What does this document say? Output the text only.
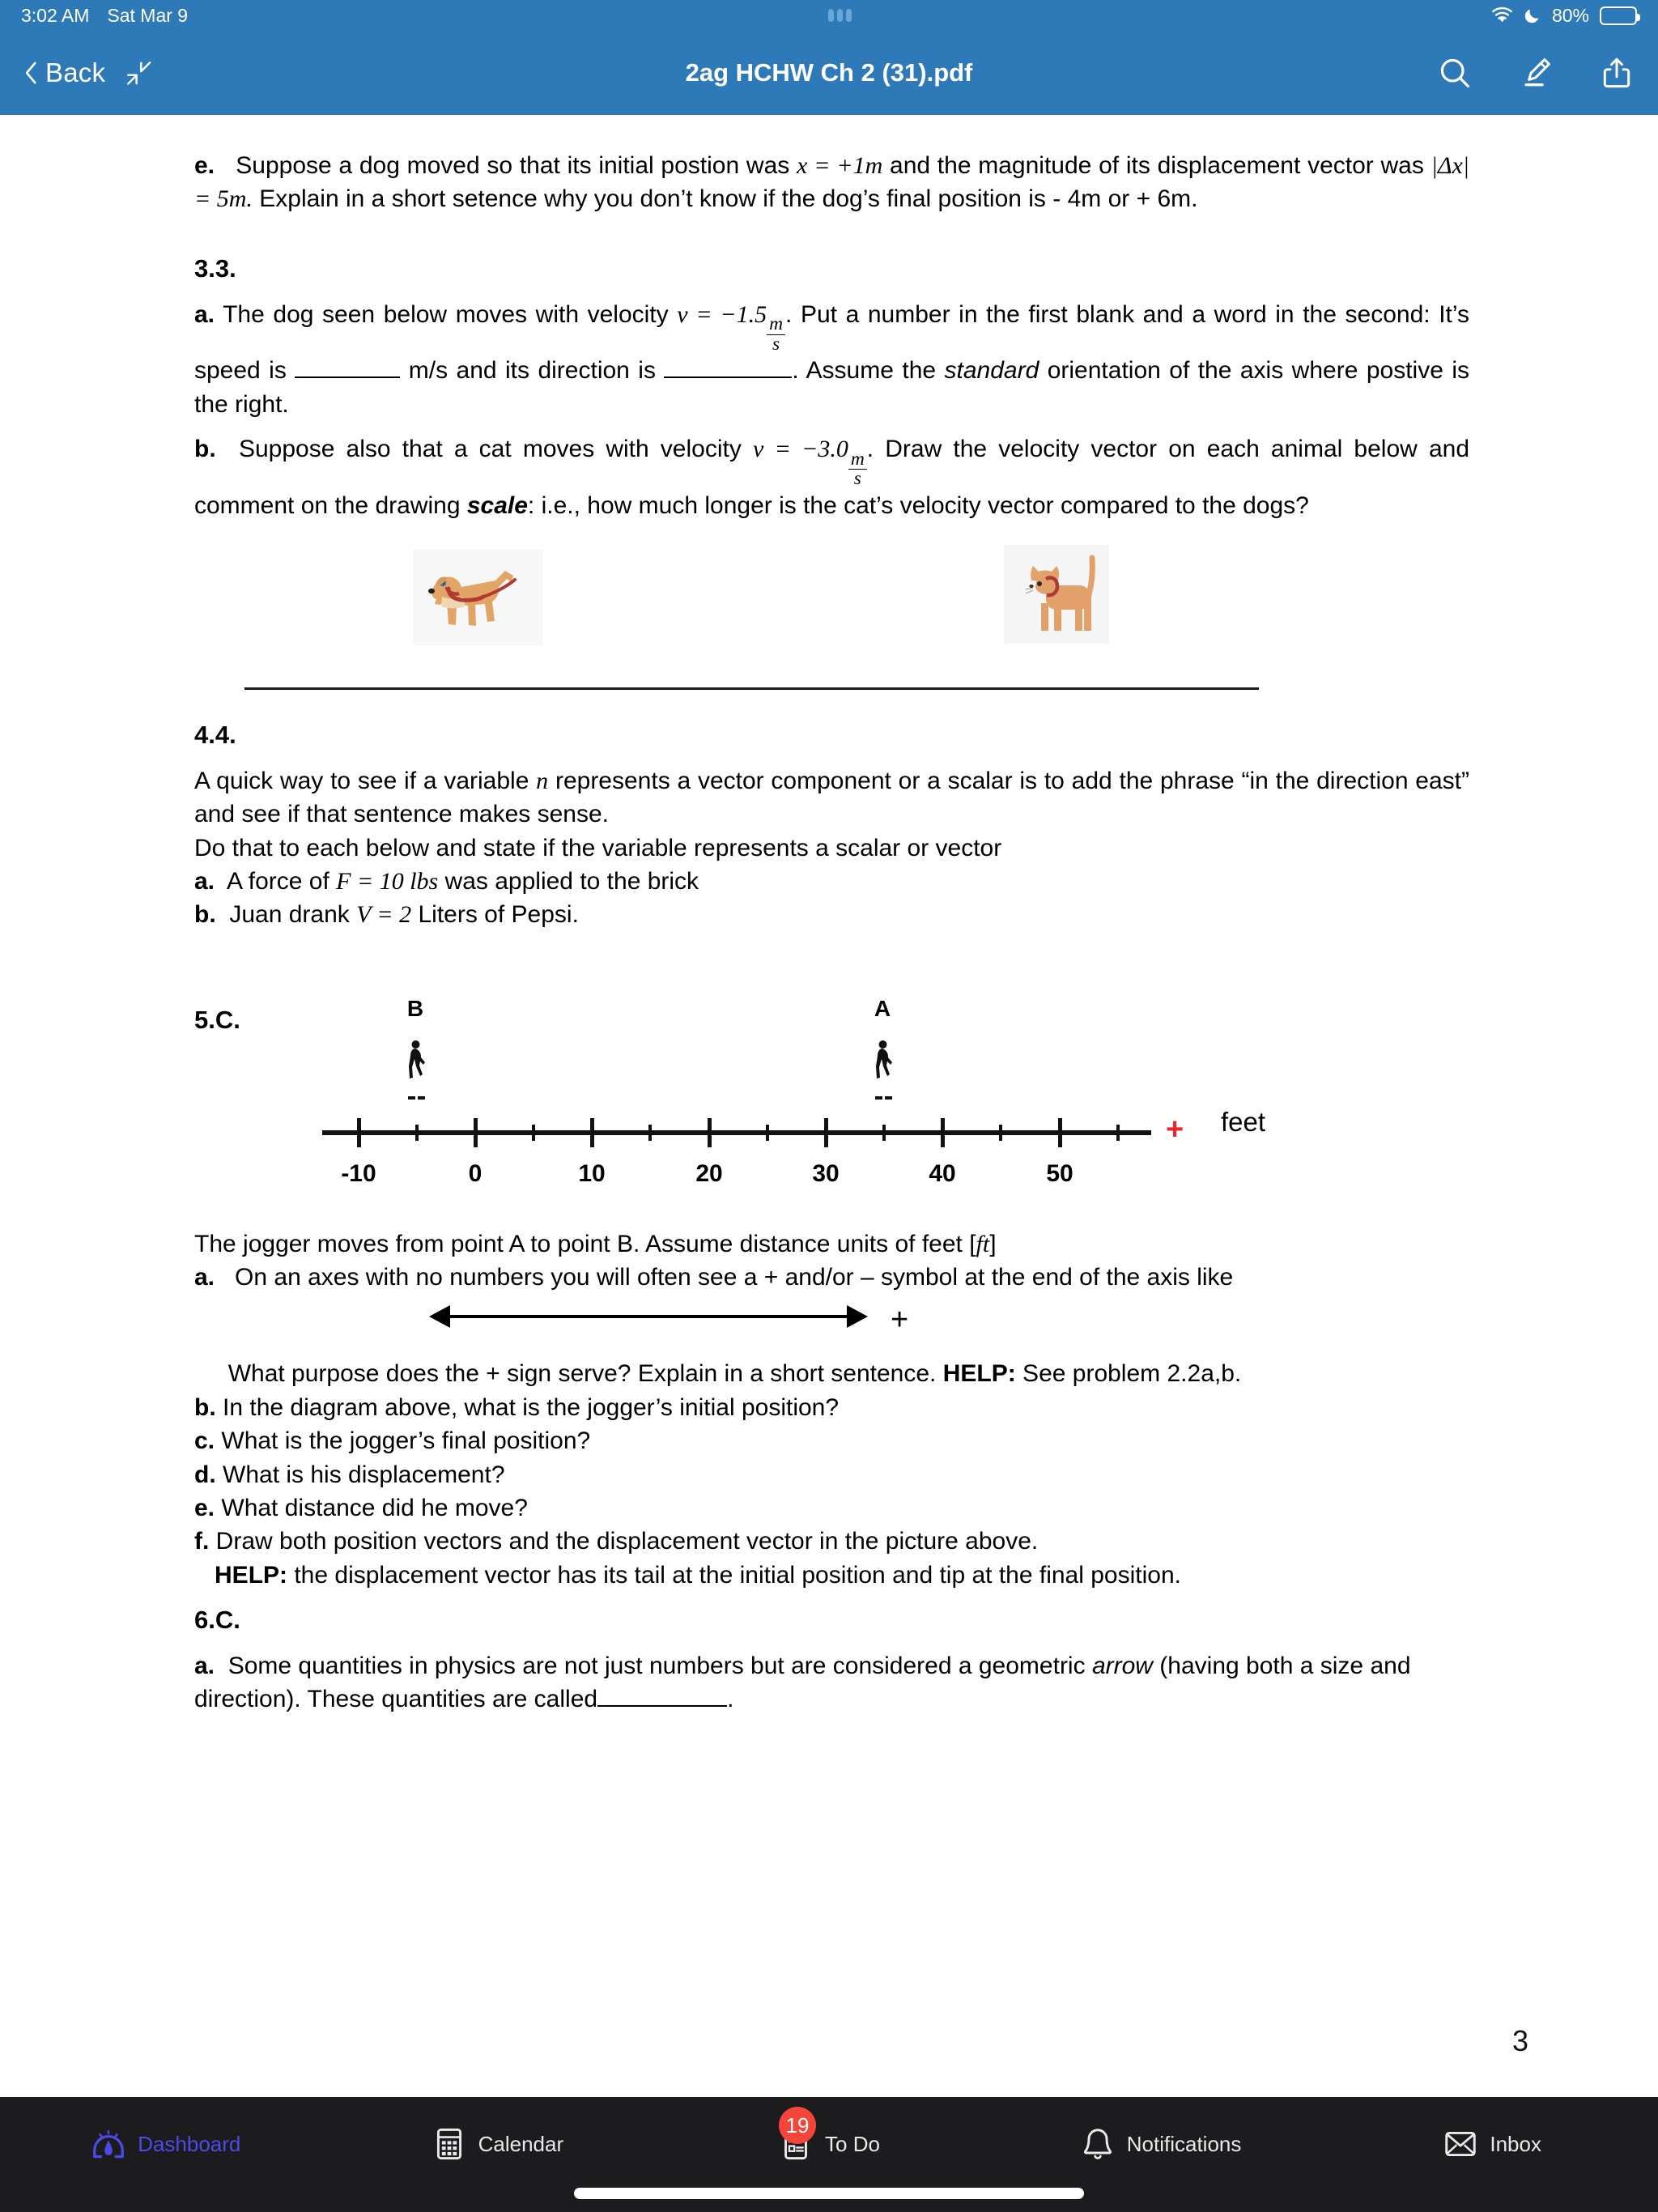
3:02 AM Sat Mar 9	80%
Back	2ag HCHW Ch 2 (31).pdf

e. Suppose a dog moved so that its initial postion was x = +1m and the magnitude of its displacement vector was |Δx| = 5m. Explain in a short setence why you don’t know if the dog’s final position is - 4m or + 6m.

3.3.

a. The dog seen below moves with velocity v = −1.5
$\frac{m}{s}$
. Put a number in the first blank and a word in the second: It’s speed is	m/s and its direction is	. Assume the standard orientation of the axis where postive is the right.

b. Suppose also that a cat moves with velocity v = −3.0
$\frac{m}{s}$
. Draw the velocity vector on each animal below and comment on the drawing scale: i.e., how much longer is the cat’s velocity vector compared to the dogs?

4.4.

A quick way to see if a variable n represents a vector component or a scalar is to add the phrase “in the direction east” and see if that sentence makes sense.

Do that to each below and state if the variable represents a scalar or vector

a. A force of F = 10 lbs was applied to the brick

b. Juan drank V = 2 Liters of Pepsi.

5.C.
-10	0	10	20	30	40	50
B	A
+ feet

The jogger moves from point A to point B. Assume distance units of feet [ft]

a. On an axes with no numbers you will often see a + and/or – symbol at the end of the axis like

+

What purpose does the + sign serve? Explain in a short sentence. HELP: See problem 2.2a,b.

b. In the diagram above, what is the jogger’s initial position?

c. What is the jogger’s final position?

d. What is his displacement?

e. What distance did he move?

f. Draw both position vectors and the displacement vector in the picture above.

HELP: the displacement vector has its tail at the initial position and tip at the final position.

6.C.

a. Some quantities in physics are not just numbers but are considered a geometric arrow (having both a size and direction). These quantities are called	.

3
Dashboard	Calendar
19
To Do	Notifications	Inbox
